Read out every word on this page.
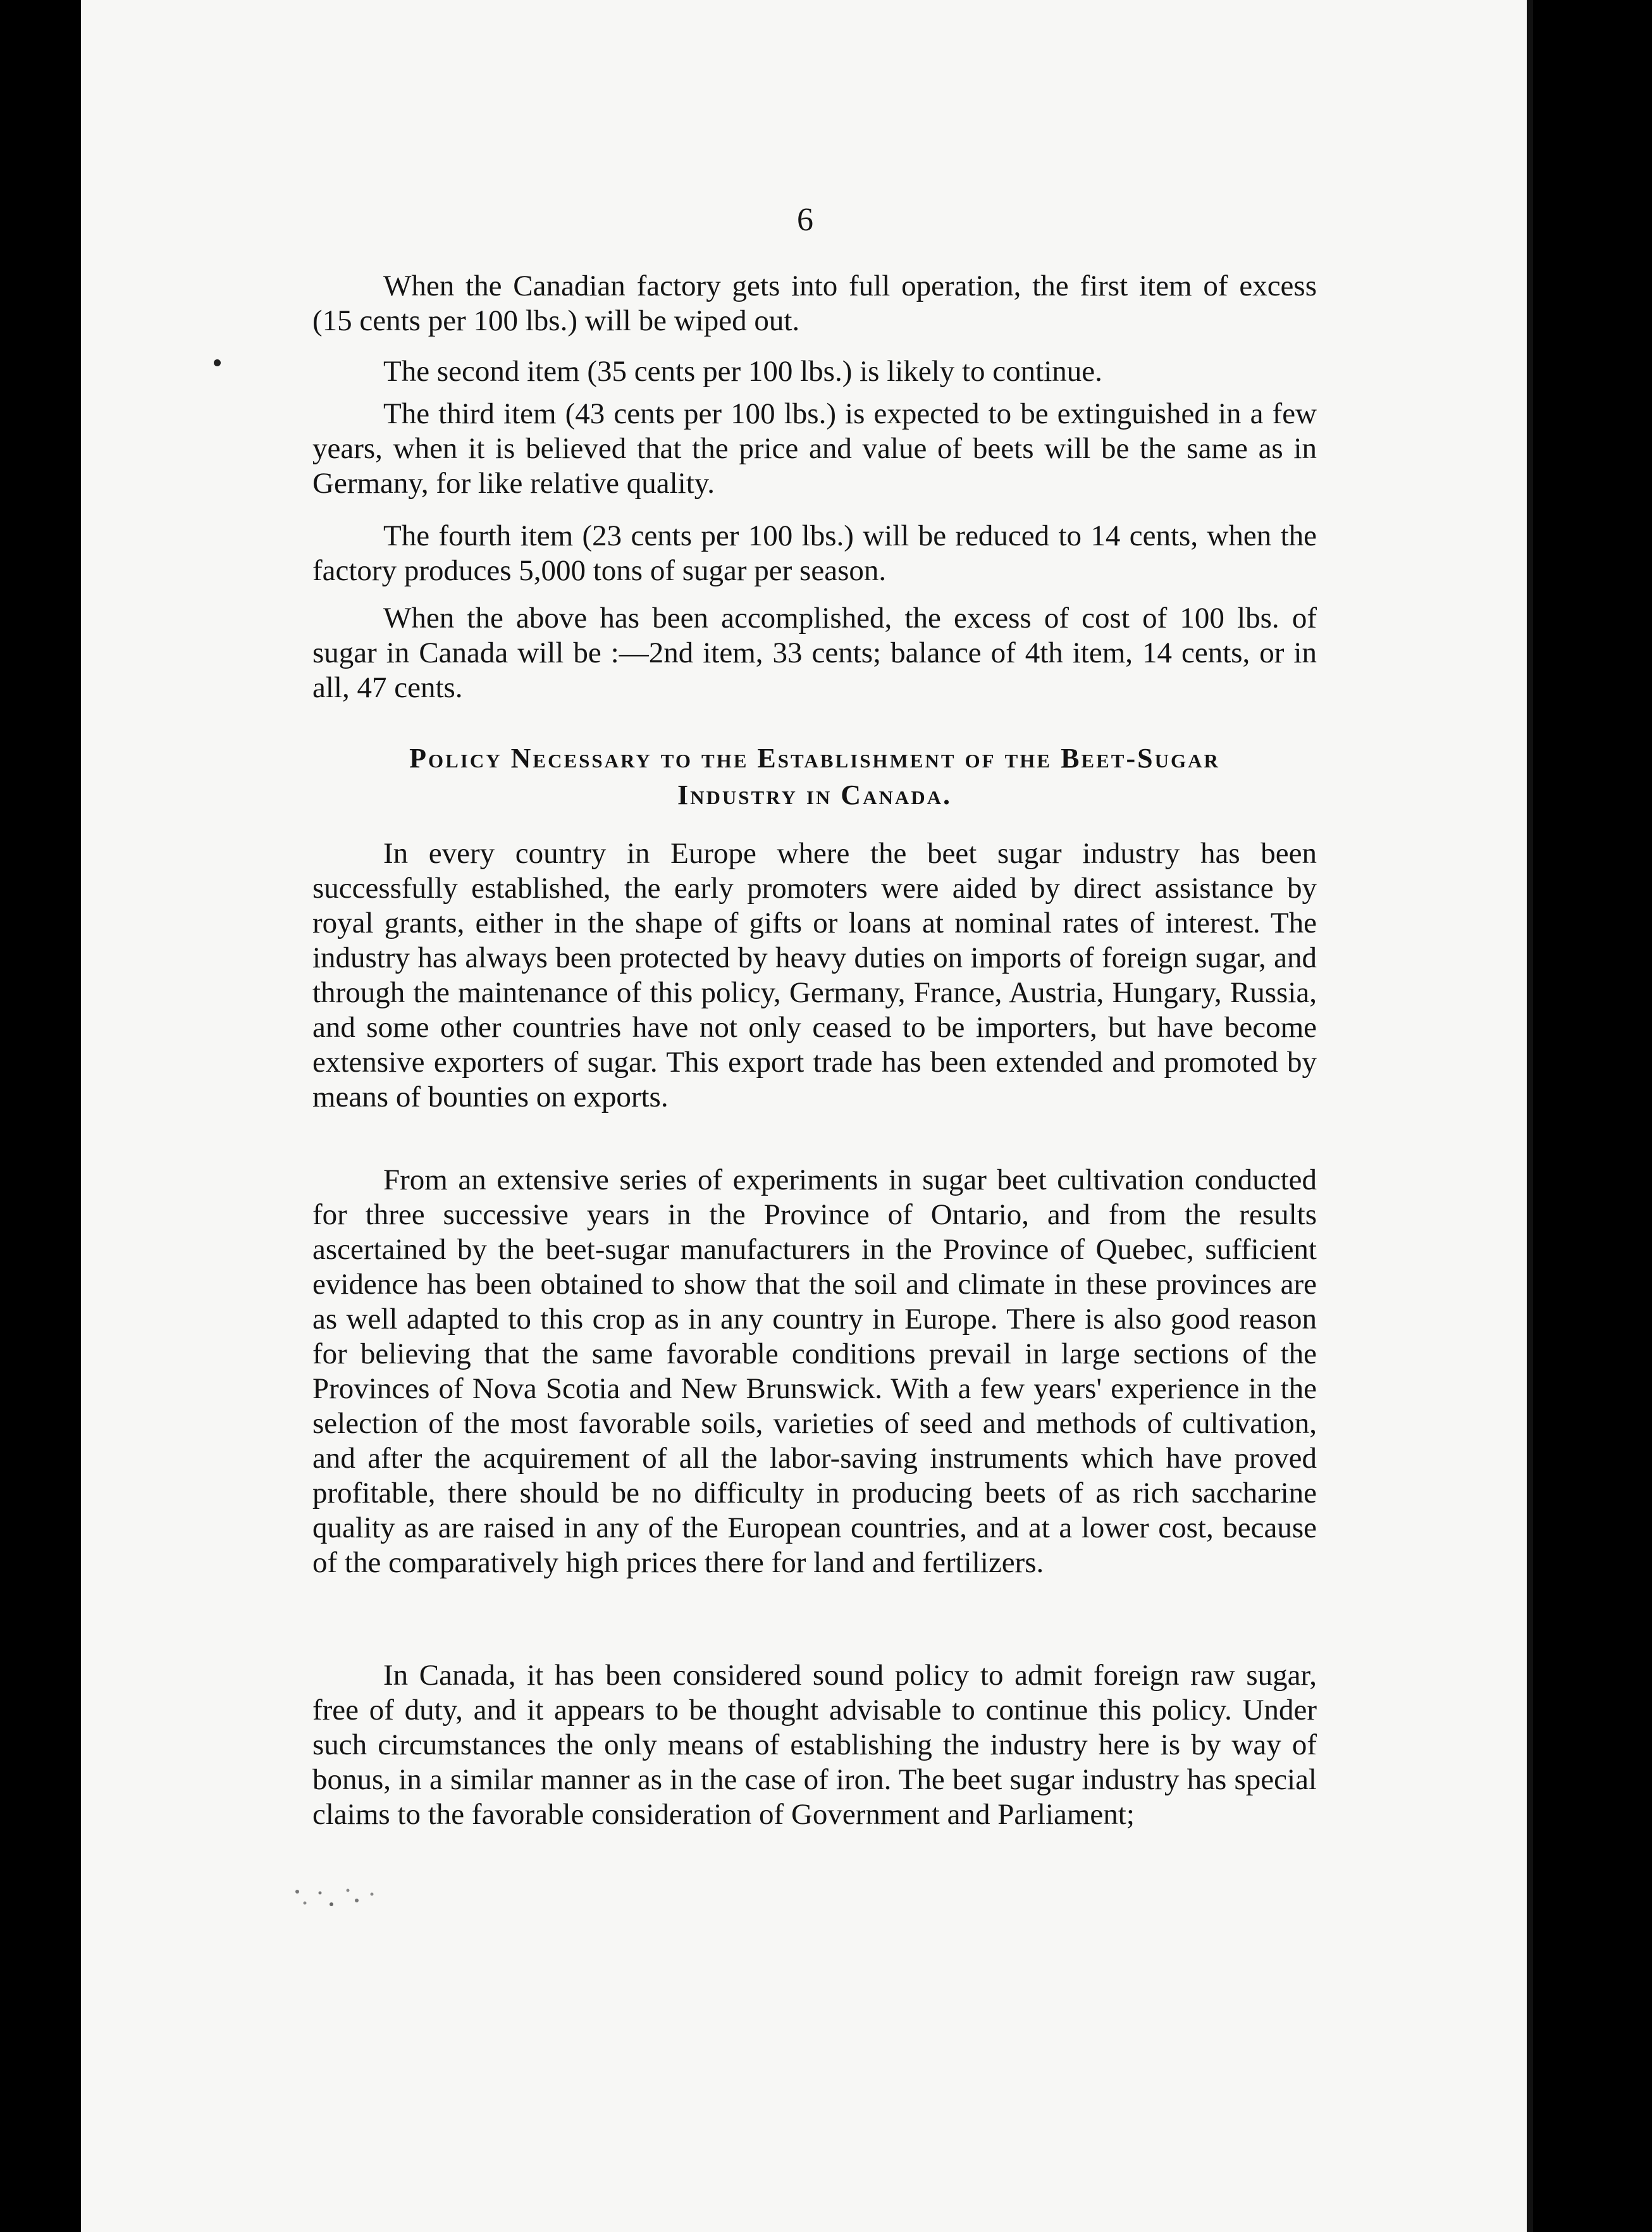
6

When the Canadian factory gets into full operation, the first item of excess (15 cents per 100 lbs.) will be wiped out.

The second item (35 cents per 100 lbs.) is likely to continue.

The third item (43 cents per 100 lbs.) is expected to be extinguished in a few years, when it is believed that the price and value of beets will be the same as in Germany, for like relative quality.

The fourth item (23 cents per 100 lbs.) will be reduced to 14 cents, when the factory produces 5,000 tons of sugar per season.

When the above has been accomplished, the excess of cost of 100 lbs. of sugar in Canada will be :—2nd item, 33 cents; balance of 4th item, 14 cents, or in all, 47 cents.

Policy Necessary to the Establishment of the Beet-Sugar
Industry in Canada.

In every country in Europe where the beet sugar industry has been successfully established, the early promoters were aided by direct assistance by royal grants, either in the shape of gifts or loans at nominal rates of interest. The industry has always been protected by heavy duties on imports of foreign sugar, and through the maintenance of this policy, Germany, France, Austria, Hungary, Russia, and some other countries have not only ceased to be importers, but have become extensive exporters of sugar. This export trade has been extended and promoted by means of bounties on exports.

From an extensive series of experiments in sugar beet cultivation conducted for three successive years in the Province of Ontario, and from the results ascertained by the beet-sugar manufacturers in the Province of Quebec, sufficient evidence has been obtained to show that the soil and climate in these provinces are as well adapted to this crop as in any country in Europe. There is also good reason for believing that the same favorable conditions prevail in large sections of the Provinces of Nova Scotia and New Brunswick. With a few years' experience in the selection of the most favorable soils, varieties of seed and methods of cultivation, and after the acquirement of all the labor-saving instruments which have proved profitable, there should be no difficulty in producing beets of as rich saccharine quality as are raised in any of the European countries, and at a lower cost, because of the comparatively high prices there for land and fertilizers.

In Canada, it has been considered sound policy to admit foreign raw sugar, free of duty, and it appears to be thought advisable to continue this policy. Under such circumstances the only means of establishing the industry here is by way of bonus, in a similar manner as in the case of iron. The beet sugar industry has special claims to the favorable consideration of Government and Parliament;
